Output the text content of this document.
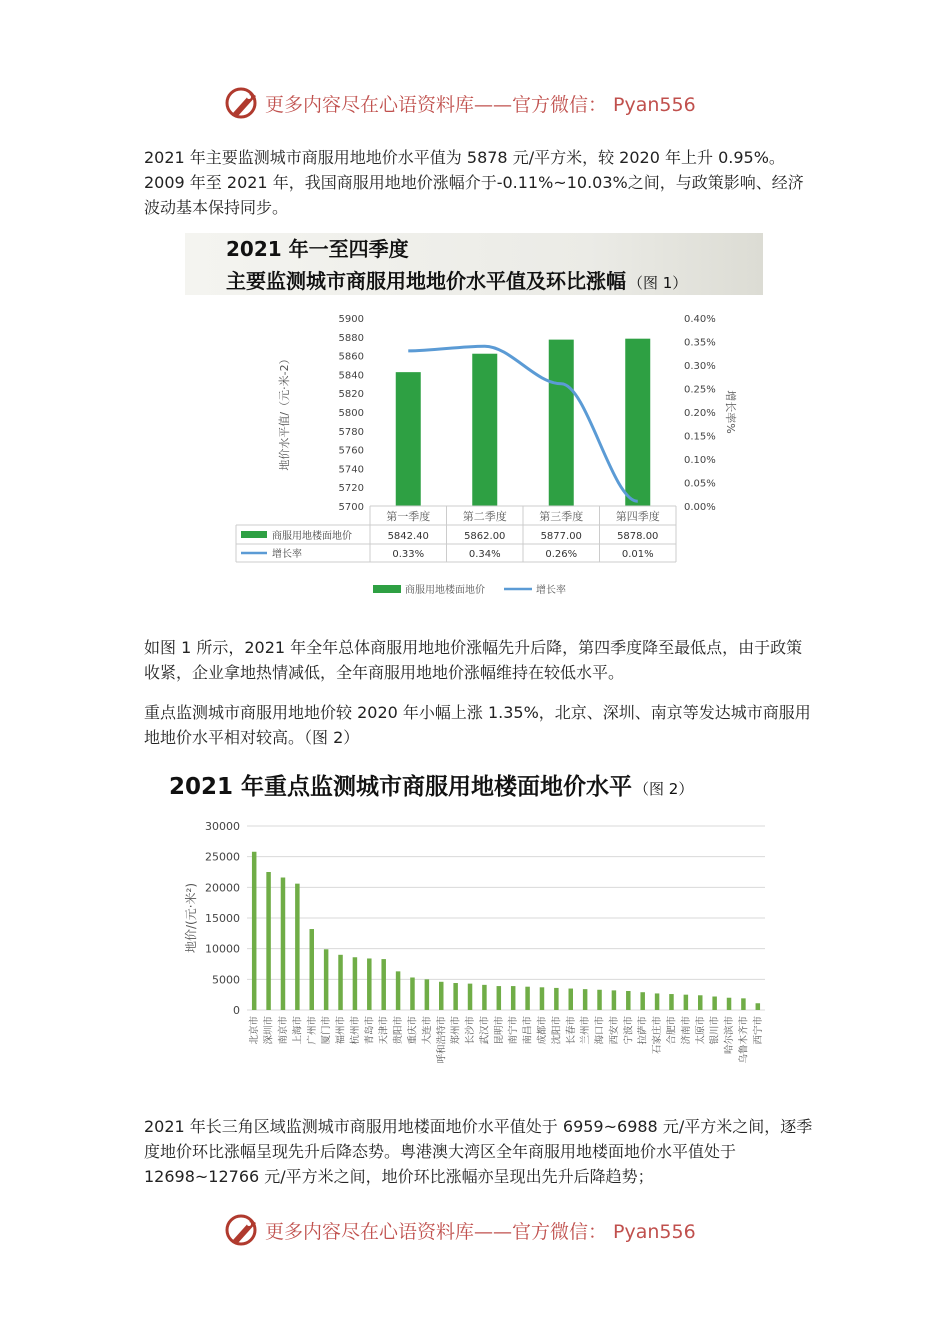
更多内容尽在心语资料库——官方微信： Pyan556

2021 年主要监测城市商服用地地价水平值为 5878 元/平方米，较 2020 年上升 0.95%。2009 年至 2021 年，我国商服用地地价涨幅介于-0.11%~10.03%之间，与政策影响、经济波动基本保持同步。

2021 年一至四季度
主要监测城市商服用地地价水平值及环比涨幅 （图 1）
5700
5720
5740
5760
5780
5800
5820
5840
5860
5880
5900
0.00%
0.05%
0.10%
0.15%
0.20%
0.25%
0.30%
0.35%
0.40%
地价水平值/（元·米-2）	增长率%
第一季度
5842.40
0.33%
第二季度
5862.00
0.34%
第三季度
5877.00
0.26%
第四季度
5878.00
0.01%
商服用地楼面地价
增长率
商服用地楼面地价	增长率

如图 1 所示，2021 年全年总体商服用地地价涨幅先升后降，第四季度降至最低点，由于政策收紧，企业拿地热情减低，全年商服用地地价涨幅维持在较低水平。

重点监测城市商服用地地价较 2020 年小幅上涨 1.35%，北京、深圳、南京等发达城市商服用地地价水平相对较高。（图 2）

2021 年重点监测城市商服用地楼面地价水平 （图 2）
0
5000
10000
15000
20000
25000
30000
地价/(元·米²)
北京市 深圳市 南京市 上海市 广州市 厦门市 福州市 杭州市 青岛市 天津市 贵阳市 重庆市 大连市 呼和浩特市 郑州市 长沙市 武汉市 昆明市 南宁市 南昌市 成都市 沈阳市 长春市 兰州市 海口市 西安市 宁波市 拉萨市 石家庄市 合肥市 济南市 太原市 银川市 哈尔滨市 乌鲁木齐市 西宁市

2021 年长三角区域监测城市商服用地楼面地价水平值处于 6959~6988 元/平方米之间，逐季度地价环比涨幅呈现先升后降态势。粤港澳大湾区全年商服用地楼面地价水平值处于 12698~12766 元/平方米之间，地价环比涨幅亦呈现出先升后降趋势；

更多内容尽在心语资料库——官方微信： Pyan556
